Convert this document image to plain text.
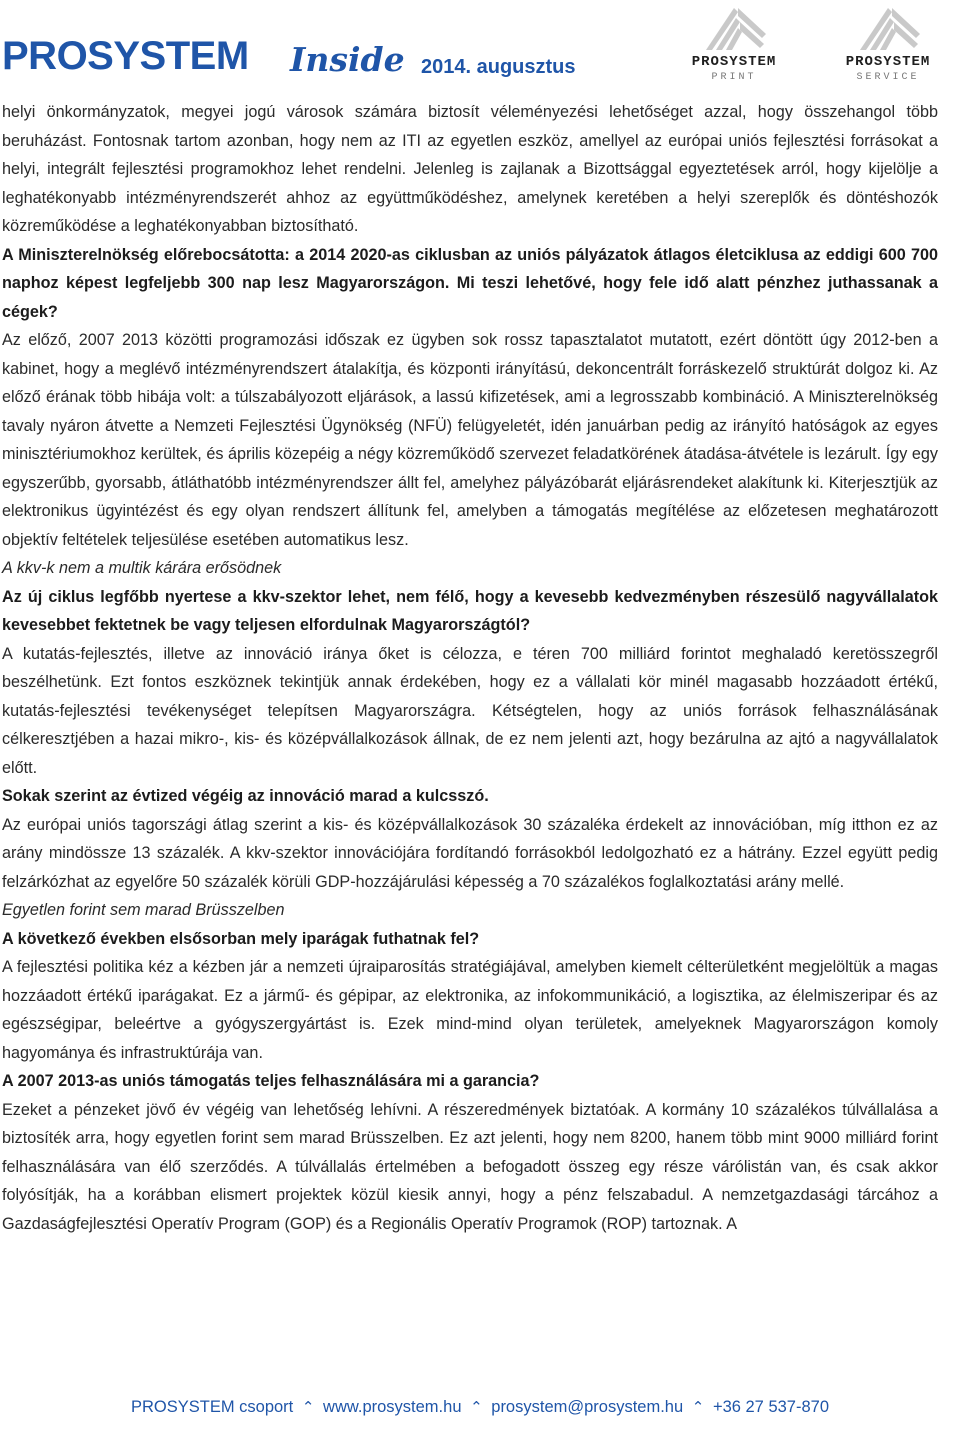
PROSYSTEM Inside 2014. augusztus	PROSYSTEM
PRINT
PROSYSTEM
SERVICE

helyi önkormányzatok, megyei jogú városok számára biztosít véleményezési lehetőséget azzal, hogy összehangol több beruházást. Fontosnak tartom azonban, hogy nem az ITI az egyetlen eszköz, amellyel az európai uniós fejlesztési forrásokat a helyi, integrált fejlesztési programokhoz lehet rendelni. Jelenleg is zajlanak a Bizottsággal egyeztetések arról, hogy kijelölje a leghatékonyabb intézményrendszerét ahhoz az együttműködéshez, amelynek keretében a helyi szereplők és döntéshozók közreműködése a leghatékonyabban biztosítható.

A Miniszterelnökség előrebocsátotta: a 2014 2020-as ciklusban az uniós pályázatok átlagos életciklusa az eddigi 600 700 naphoz képest legfeljebb 300 nap lesz Magyarországon. Mi teszi lehetővé, hogy fele idő alatt pénzhez juthassanak a cégek?

Az előző, 2007 2013 közötti programozási időszak ez ügyben sok rossz tapasztalatot mutatott, ezért döntött úgy 2012-ben a kabinet, hogy a meglévő intézményrendszert átalakítja, és központi irányítású, dekoncentrált forráskezelő struktúrát dolgoz ki. Az előző érának több hibája volt: a túlszabályozott eljárások, a lassú kifizetések, ami a legrosszabb kombináció. A Miniszterelnökség tavaly nyáron átvette a Nemzeti Fejlesztési Ügynökség (NFÜ) felügyeletét, idén januárban pedig az irányító hatóságok az egyes minisztériumokhoz kerültek, és április közepéig a négy közreműködő szervezet feladatkörének átadása-átvétele is lezárult. Így egy egyszerűbb, gyorsabb, átláthatóbb intézményrendszer állt fel, amelyhez pályázóbarát eljárásrendeket alakítunk ki. Kiterjesztjük az elektronikus ügyintézést és egy olyan rendszert állítunk fel, amelyben a támogatás megítélése az előzetesen meghatározott objektív feltételek teljesülése esetében automatikus lesz.

A kkv-k nem a multik kárára erősödnek

Az új ciklus legfőbb nyertese a kkv-szektor lehet, nem félő, hogy a kevesebb kedvezményben részesülő nagyvállalatok kevesebbet fektetnek be vagy teljesen elfordulnak Magyarországtól?

A kutatás-fejlesztés, illetve az innováció iránya őket is célozza, e téren 700 milliárd forintot meghaladó keretösszegről beszélhetünk. Ezt fontos eszköznek tekintjük annak érdekében, hogy ez a vállalati kör minél magasabb hozzáadott értékű, kutatás-fejlesztési tevékenységet telepítsen Magyarországra. Kétségtelen, hogy az uniós források felhasználásának célkeresztjében a hazai mikro-, kis- és középvállalkozások állnak, de ez nem jelenti azt, hogy bezárulna az ajtó a nagyvállalatok előtt.

Sokak szerint az évtized végéig az innováció marad a kulcsszó.

Az európai uniós tagországi átlag szerint a kis- és középvállalkozások 30 százaléka érdekelt az innovációban, míg itthon ez az arány mindössze 13 százalék. A kkv-szektor innovációjára fordítandó forrásokból ledolgozható ez a hátrány. Ezzel együtt pedig felzárkózhat az egyelőre 50 százalék körüli GDP-hozzájárulási képesség a 70 százalékos foglalkoztatási arány mellé.

Egyetlen forint sem marad Brüsszelben

A következő években elsősorban mely iparágak futhatnak fel?

A fejlesztési politika kéz a kézben jár a nemzeti újraiparosítás stratégiájával, amelyben kiemelt célterületként megjelöltük a magas hozzáadott értékű iparágakat. Ez a jármű- és gépipar, az elektronika, az infokommunikáció, a logisztika, az élelmiszeripar és az egészségipar, beleértve a gyógyszergyártást is. Ezek mind-mind olyan területek, amelyeknek Magyarországon komoly hagyománya és infrastruktúrája van.

A 2007 2013-as uniós támogatás teljes felhasználására mi a garancia?

Ezeket a pénzeket jövő év végéig van lehetőség lehívni. A részeredmények biztatóak. A kormány 10 százalékos túlvállalása a biztosíték arra, hogy egyetlen forint sem marad Brüsszelben. Ez azt jelenti, hogy nem 8200, hanem több mint 9000 milliárd forint felhasználására van élő szerződés. A túlvállalás értelmében a befogadott összeg egy része várólistán van, és csak akkor folyósítják, ha a korábban elismert projektek közül kiesik annyi, hogy a pénz felszabadul. A nemzetgazdasági tárcához a Gazdaságfejlesztési Operatív Program (GOP) és a Regionális Operatív Programok (ROP) tartoznak. A

PROSYSTEM csoport ⌃ www.prosystem.hu ⌃ prosystem@prosystem.hu ⌃ +36 27 537-870
